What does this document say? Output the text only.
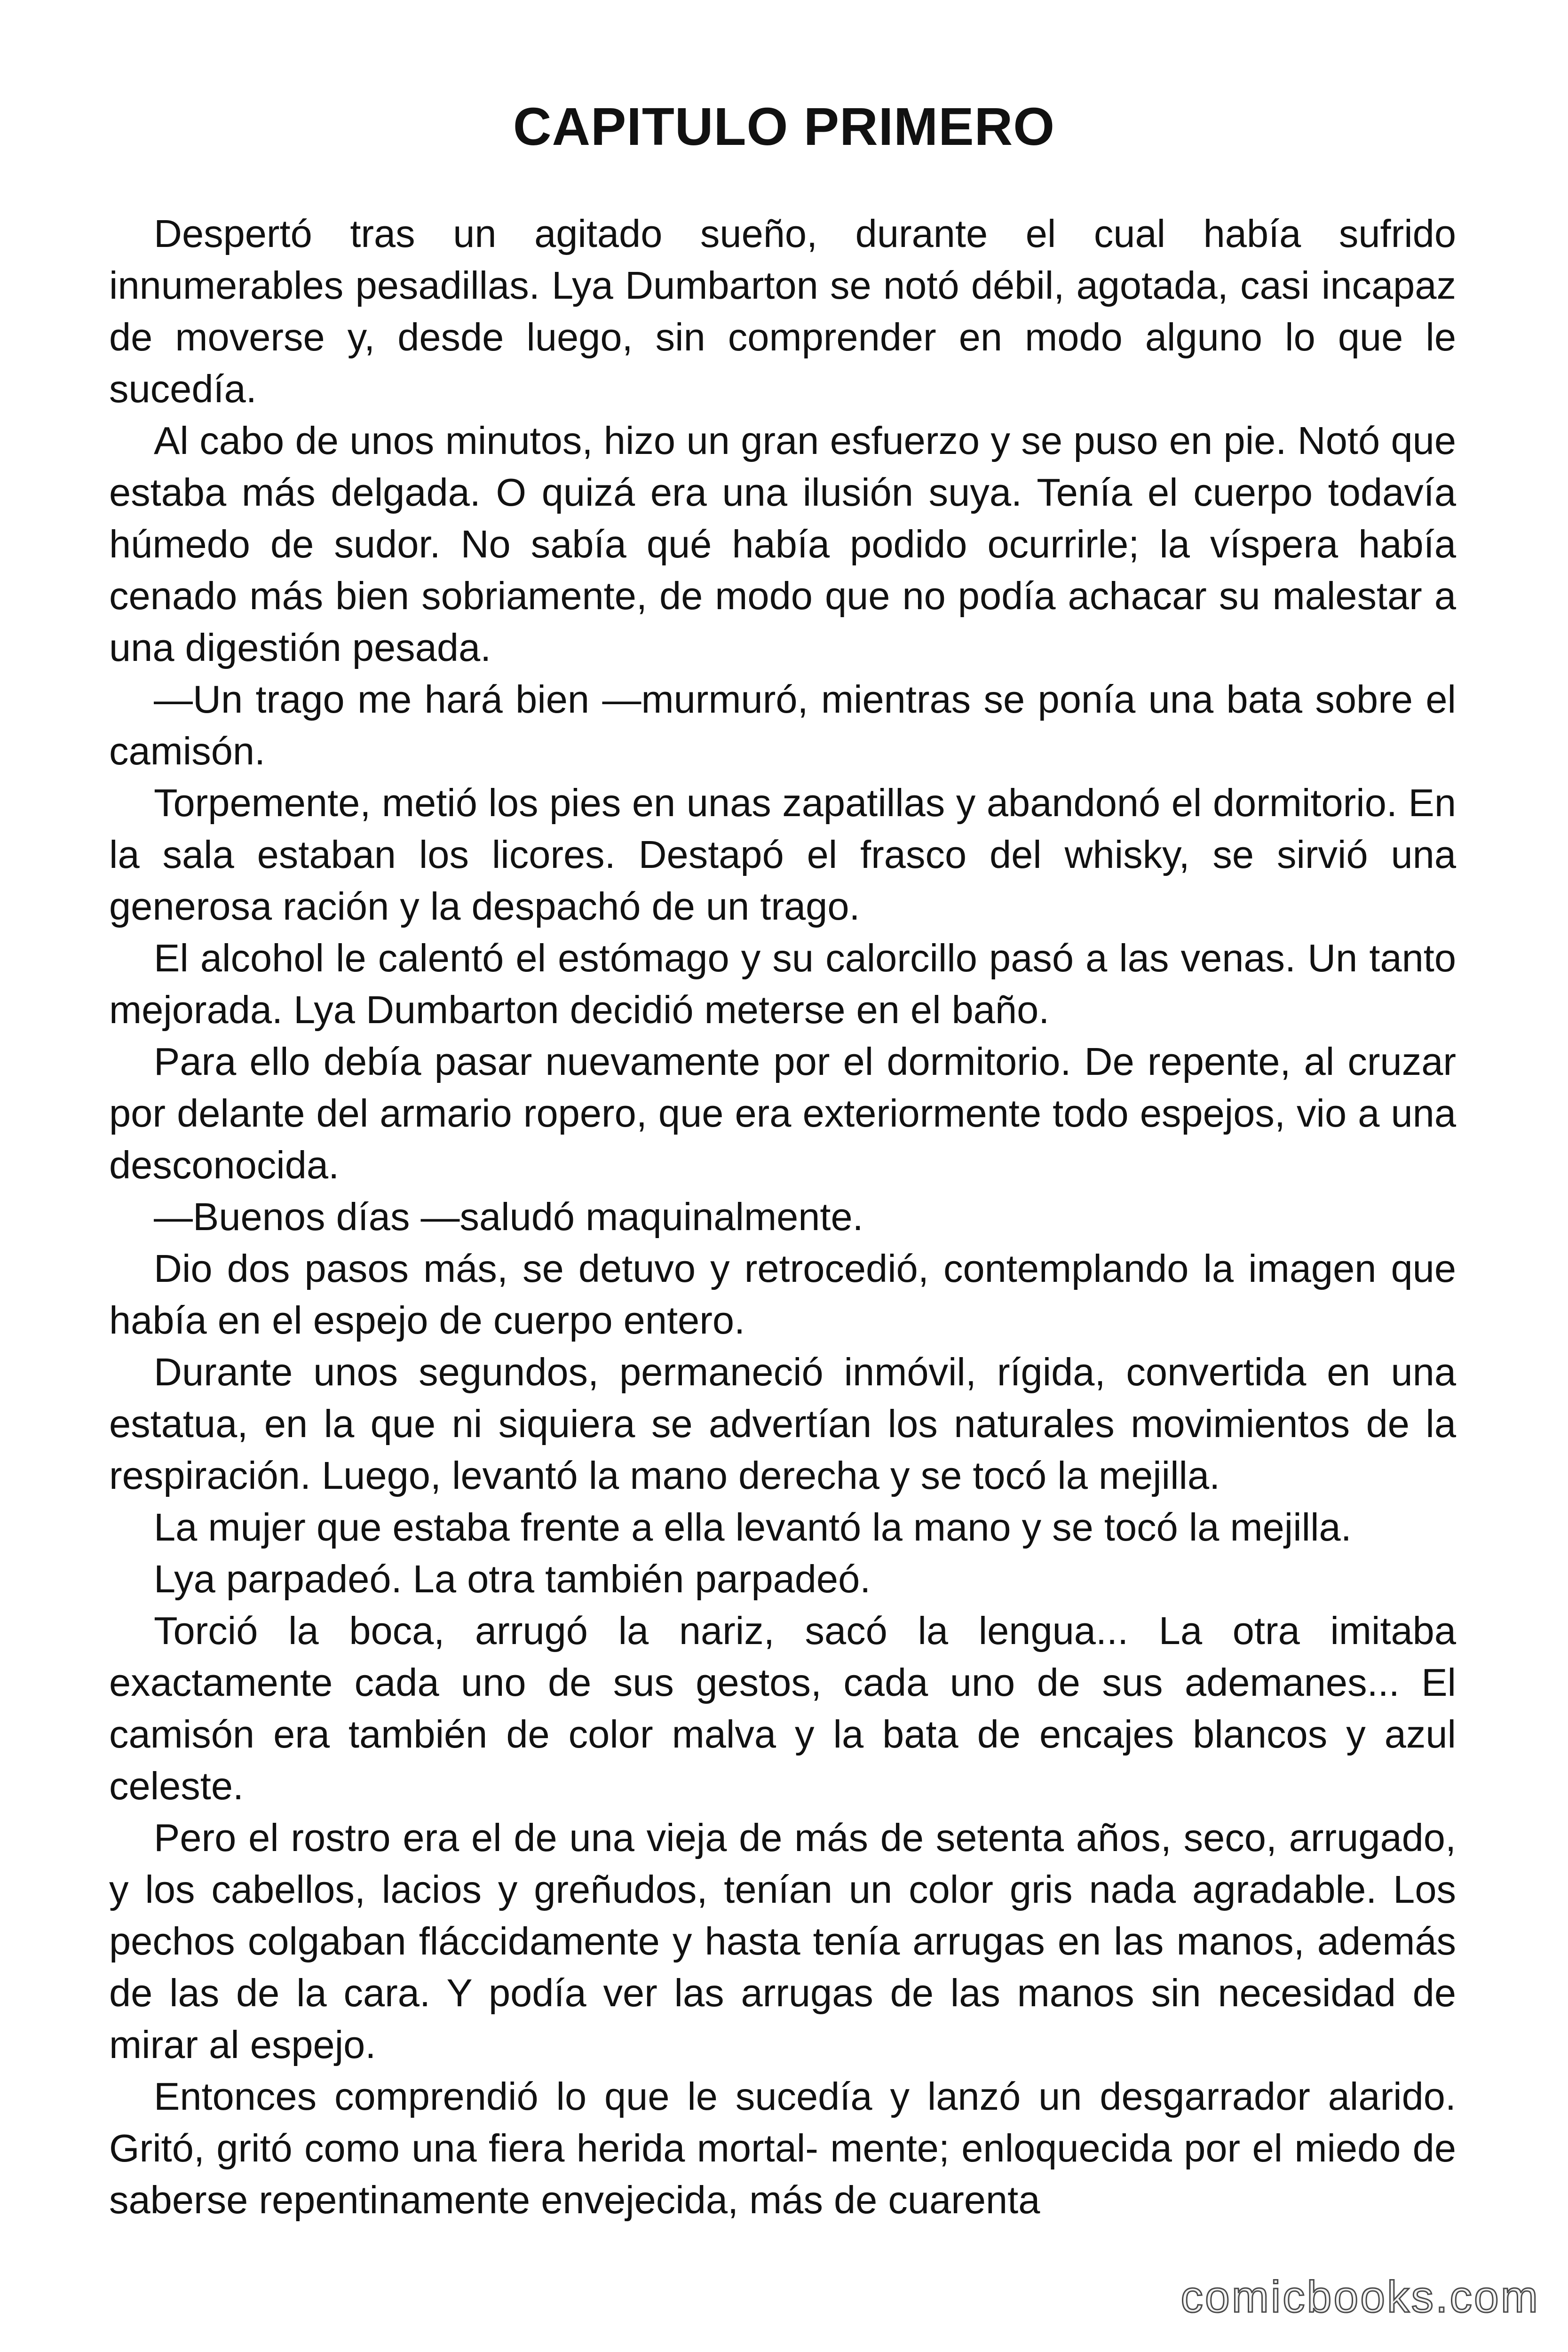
CAPITULO PRIMERO

Despertó tras un agitado sueño, durante el cual había sufrido innumerables pesadillas. Lya Dumbarton se notó débil, agotada, casi incapaz de moverse y, desde luego, sin comprender en modo alguno lo que le sucedía.

Al cabo de unos minutos, hizo un gran esfuerzo y se puso en pie. Notó que estaba más delgada. O quizá era una ilusión suya. Tenía el cuerpo todavía húmedo de sudor. No sabía qué había podido ocurrirle; la víspera había cenado más bien sobriamente, de modo que no podía achacar su malestar a una digestión pesada.

—Un trago me hará bien —murmuró, mientras se ponía una bata sobre el camisón.

Torpemente, metió los pies en unas zapatillas y abandonó el dormitorio. En la sala estaban los licores. Destapó el frasco del whisky, se sirvió una generosa ración y la despachó de un trago.

El alcohol le calentó el estómago y su calorcillo pasó a las venas. Un tanto mejorada. Lya Dumbarton decidió meterse en el baño.

Para ello debía pasar nuevamente por el dormitorio. De repente, al cruzar por delante del armario ropero, que era exteriormente todo espejos, vio a una desconocida.

—Buenos días —saludó maquinalmente.

Dio dos pasos más, se detuvo y retrocedió, contemplando la imagen que había en el espejo de cuerpo entero.

Durante unos segundos, permaneció inmóvil, rígida, convertida en una estatua, en la que ni siquiera se advertían los naturales movimientos de la respiración. Luego, levantó la mano derecha y se tocó la mejilla.

La mujer que estaba frente a ella levantó la mano y se tocó la mejilla.

Lya parpadeó. La otra también parpadeó.

Torció la boca, arrugó la nariz, sacó la lengua... La otra imitaba exactamente cada uno de sus gestos, cada uno de sus ademanes... El camisón era también de color malva y la bata de encajes blancos y azul celeste.

Pero el rostro era el de una vieja de más de setenta años, seco, arrugado, y los cabellos, lacios y greñudos, tenían un color gris nada agradable. Los pechos colgaban fláccidamente y hasta tenía arrugas en las manos, además de las de la cara. Y podía ver las arrugas de las manos sin necesidad de mirar al espejo.

Entonces comprendió lo que le sucedía y lanzó un desgarrador alarido. Gritó, gritó como una fiera herida mortal- mente; enloquecida por el miedo de saberse repentinamente envejecida, más de cuarenta

comicbooks.com
